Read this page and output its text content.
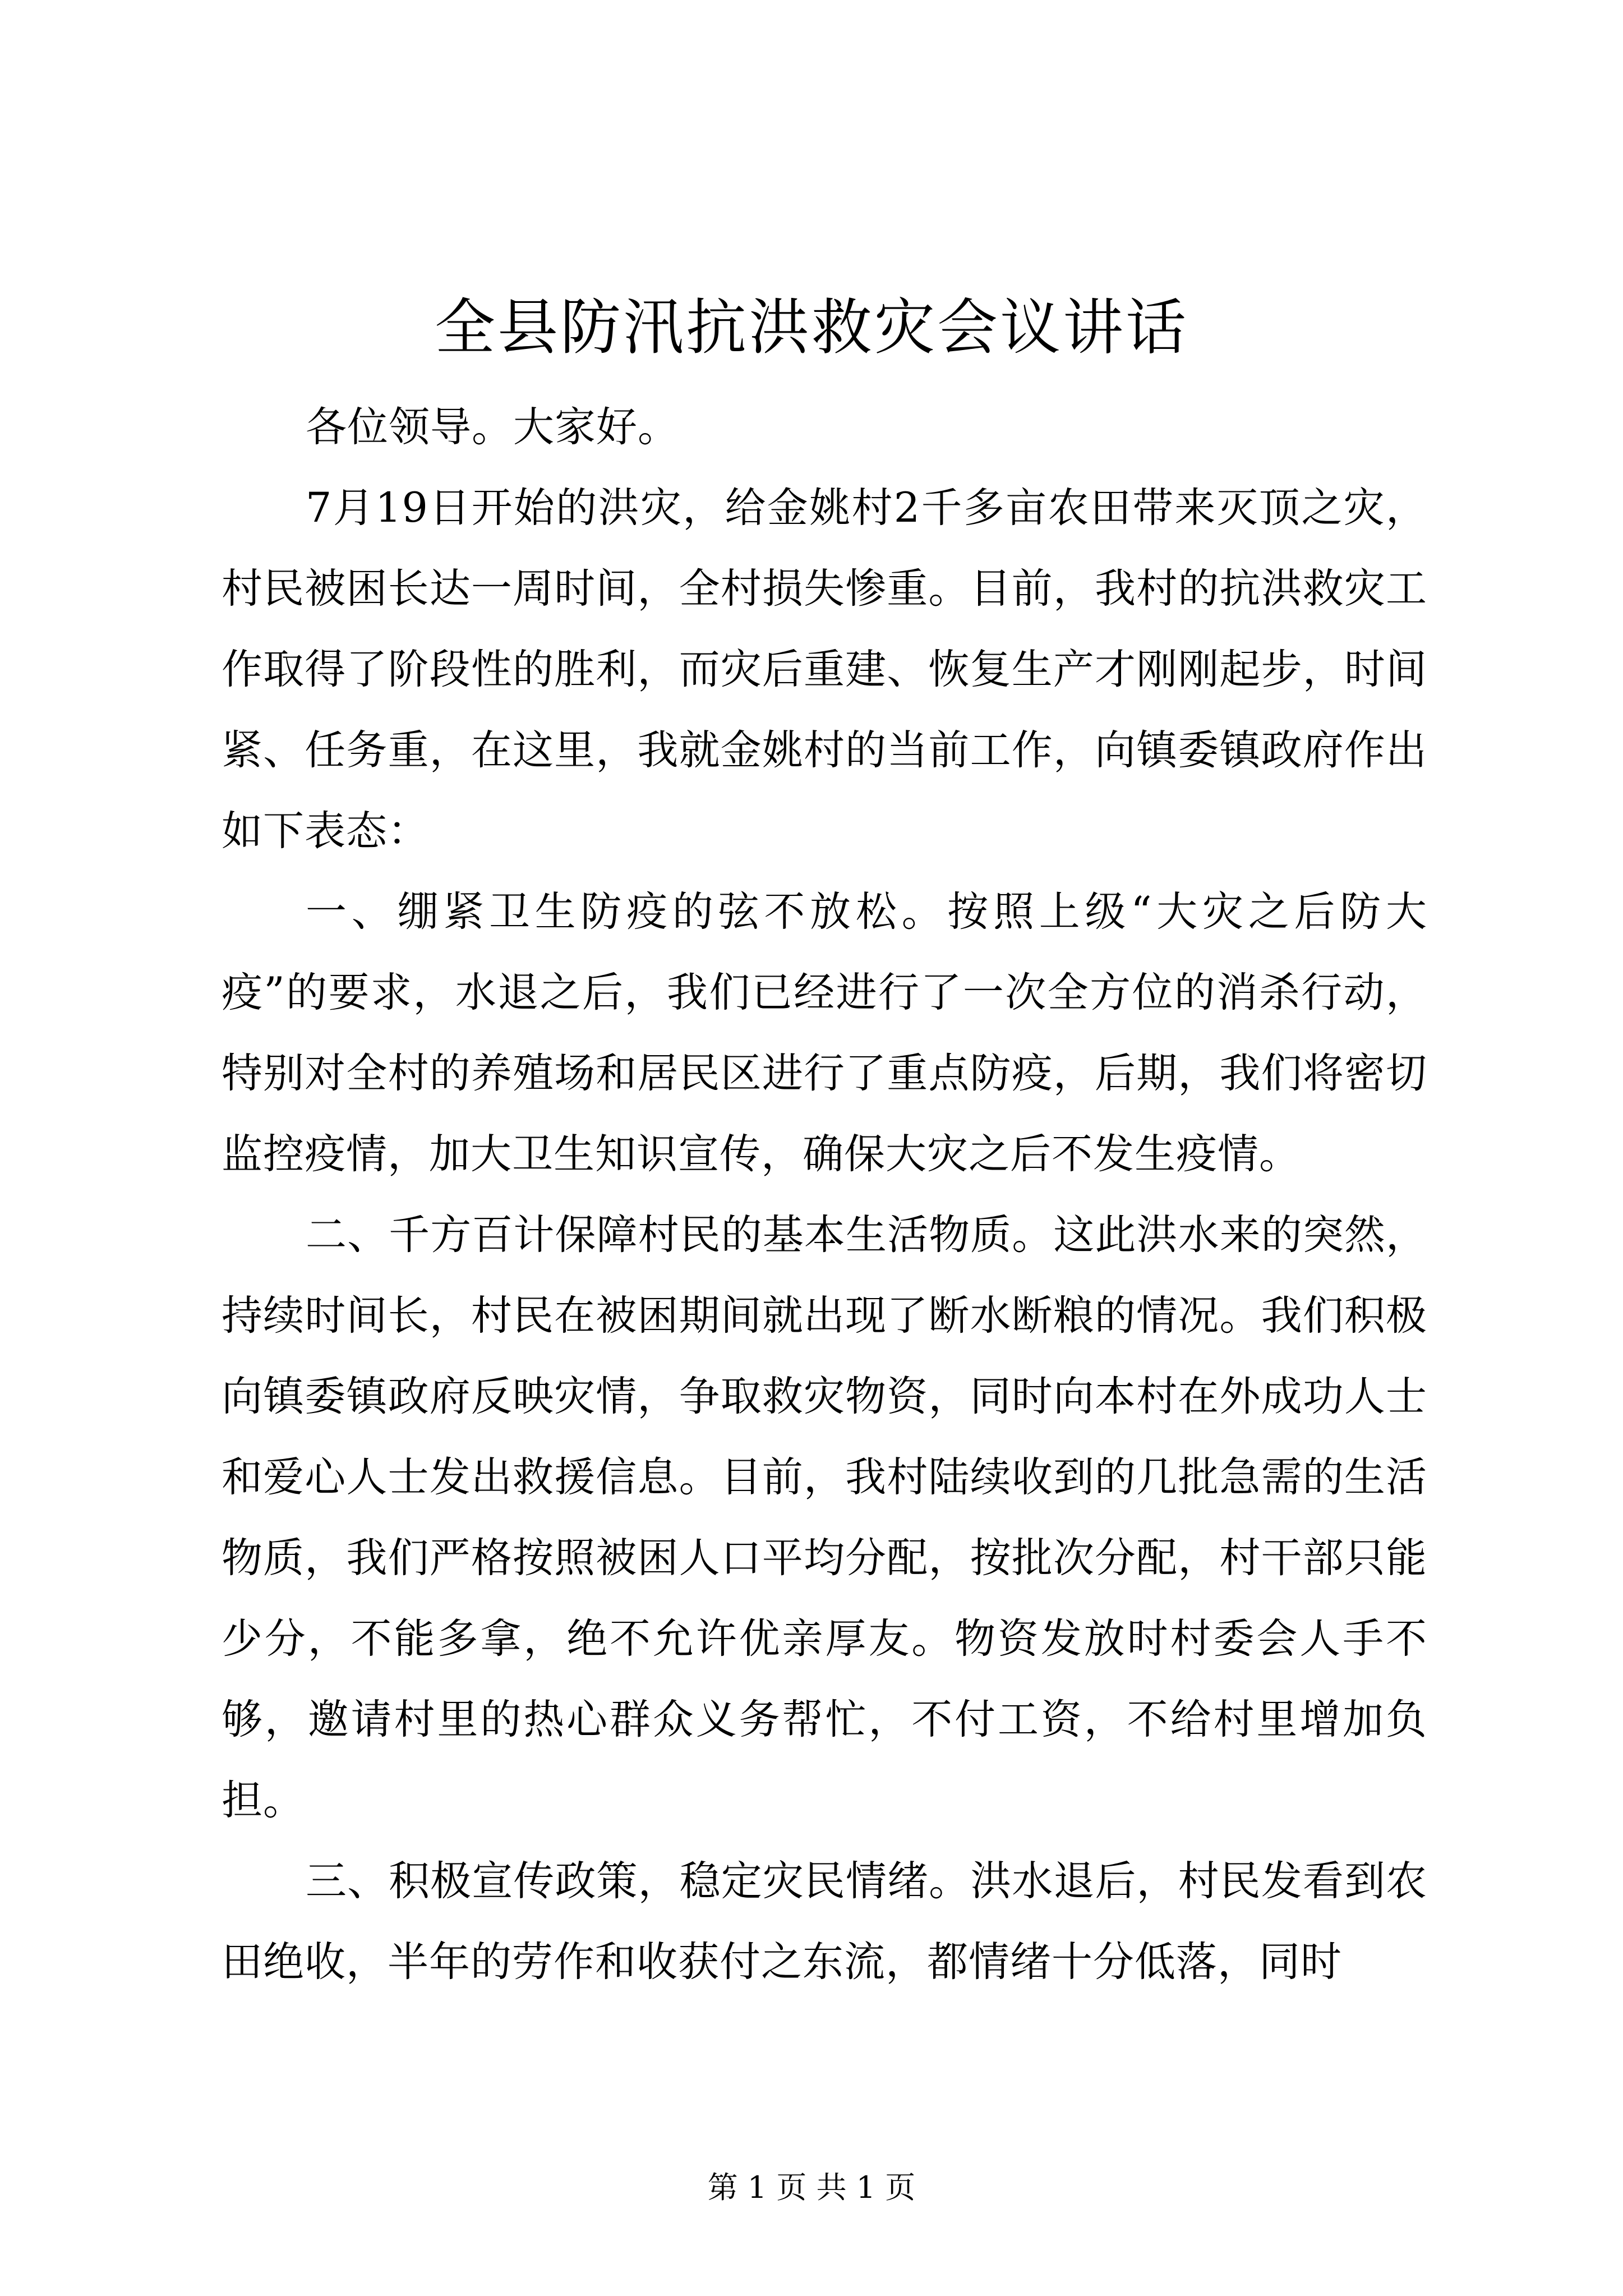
全县防汛抗洪救灾会议讲话

各位领导。大家好。

7月19日开始的洪灾，给金姚村2千多亩农田带来灭顶之灾，村民被困长达一周时间，全村损失惨重。目前，我村的抗洪救灾工作取得了阶段性的胜利，而灾后重建、恢复生产才刚刚起步，时间紧、任务重，在这里，我就金姚村的当前工作，向镇委镇政府作出如下表态：

一、绷紧卫生防疫的弦不放松。按照上级“大灾之后防大疫”的要求，水退之后，我们已经进行了一次全方位的消杀行动，特别对全村的养殖场和居民区进行了重点防疫，后期，我们将密切监控疫情，加大卫生知识宣传，确保大灾之后不发生疫情。

二、千方百计保障村民的基本生活物质。这此洪水来的突然，持续时间长，村民在被困期间就出现了断水断粮的情况。我们积极向镇委镇政府反映灾情，争取救灾物资，同时向本村在外成功人士和爱心人士发出救援信息。目前，我村陆续收到的几批急需的生活物质，我们严格按照被困人口平均分配，按批次分配，村干部只能少分，不能多拿，绝不允许优亲厚友。物资发放时村委会人手不够，邀请村里的热心群众义务帮忙，不付工资，不给村里增加负担。

三、积极宣传政策，稳定灾民情绪。洪水退后，村民发看到农田绝收，半年的劳作和收获付之东流，都情绪十分低落，同时

第 1 页 共 1 页
